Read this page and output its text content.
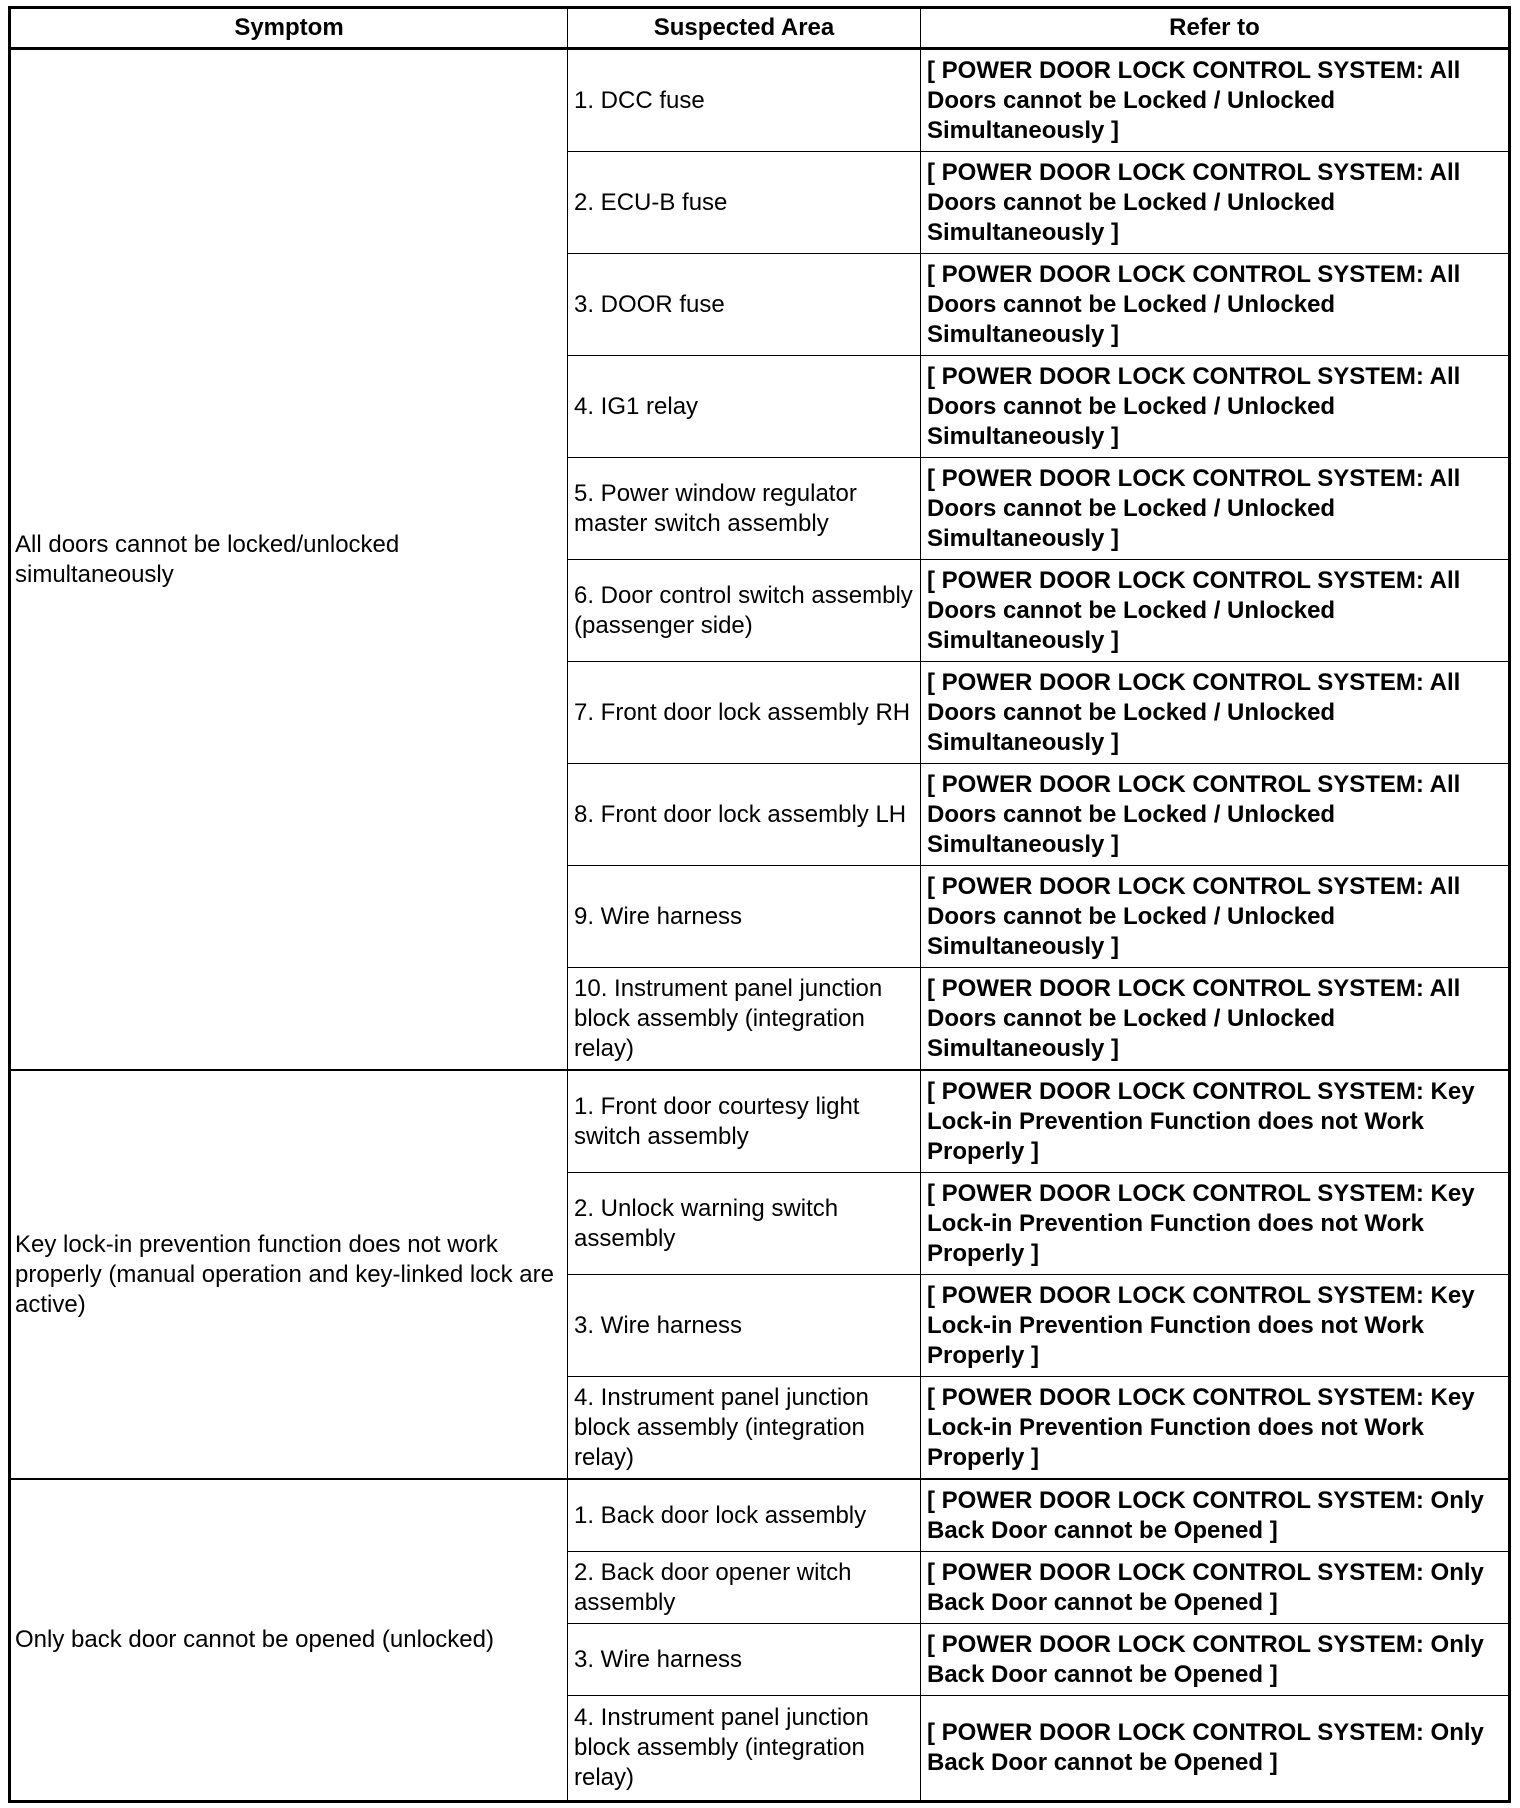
Symptom	Suspected Area	Refer to
All doors cannot be locked/unlocked simultaneously	1. DCC fuse	[ POWER DOOR LOCK CONTROL SYSTEM: All Doors cannot be Locked / Unlocked Simultaneously ]
	2. ECU-B fuse	[ POWER DOOR LOCK CONTROL SYSTEM: All Doors cannot be Locked / Unlocked Simultaneously ]
	3. DOOR fuse	[ POWER DOOR LOCK CONTROL SYSTEM: All Doors cannot be Locked / Unlocked Simultaneously ]
	4. IG1 relay	[ POWER DOOR LOCK CONTROL SYSTEM: All Doors cannot be Locked / Unlocked Simultaneously ]
	5. Power window regulator master switch assembly	[ POWER DOOR LOCK CONTROL SYSTEM: All Doors cannot be Locked / Unlocked Simultaneously ]
	6. Door control switch assembly (passenger side)	[ POWER DOOR LOCK CONTROL SYSTEM: All Doors cannot be Locked / Unlocked Simultaneously ]
	7. Front door lock assembly RH	[ POWER DOOR LOCK CONTROL SYSTEM: All Doors cannot be Locked / Unlocked Simultaneously ]
	8. Front door lock assembly LH	[ POWER DOOR LOCK CONTROL SYSTEM: All Doors cannot be Locked / Unlocked Simultaneously ]
	9. Wire harness	[ POWER DOOR LOCK CONTROL SYSTEM: All Doors cannot be Locked / Unlocked Simultaneously ]
	10. Instrument panel junction block assembly (integration relay)	[ POWER DOOR LOCK CONTROL SYSTEM: All Doors cannot be Locked / Unlocked Simultaneously ]
Key lock-in prevention function does not work properly (manual operation and key-linked lock are active)	1. Front door courtesy light switch assembly	[ POWER DOOR LOCK CONTROL SYSTEM: Key Lock-in Prevention Function does not Work Properly ]
	2. Unlock warning switch assembly	[ POWER DOOR LOCK CONTROL SYSTEM: Key Lock-in Prevention Function does not Work Properly ]
	3. Wire harness	[ POWER DOOR LOCK CONTROL SYSTEM: Key Lock-in Prevention Function does not Work Properly ]
	4. Instrument panel junction block assembly (integration relay)	[ POWER DOOR LOCK CONTROL SYSTEM: Key Lock-in Prevention Function does not Work Properly ]
Only back door cannot be opened (unlocked)	1. Back door lock assembly	[ POWER DOOR LOCK CONTROL SYSTEM: Only Back Door cannot be Opened ]
	2. Back door opener witch assembly	[ POWER DOOR LOCK CONTROL SYSTEM: Only Back Door cannot be Opened ]
	3. Wire harness	[ POWER DOOR LOCK CONTROL SYSTEM: Only Back Door cannot be Opened ]
	4. Instrument panel junction block assembly (integration relay)	[ POWER DOOR LOCK CONTROL SYSTEM: Only Back Door cannot be Opened ]
